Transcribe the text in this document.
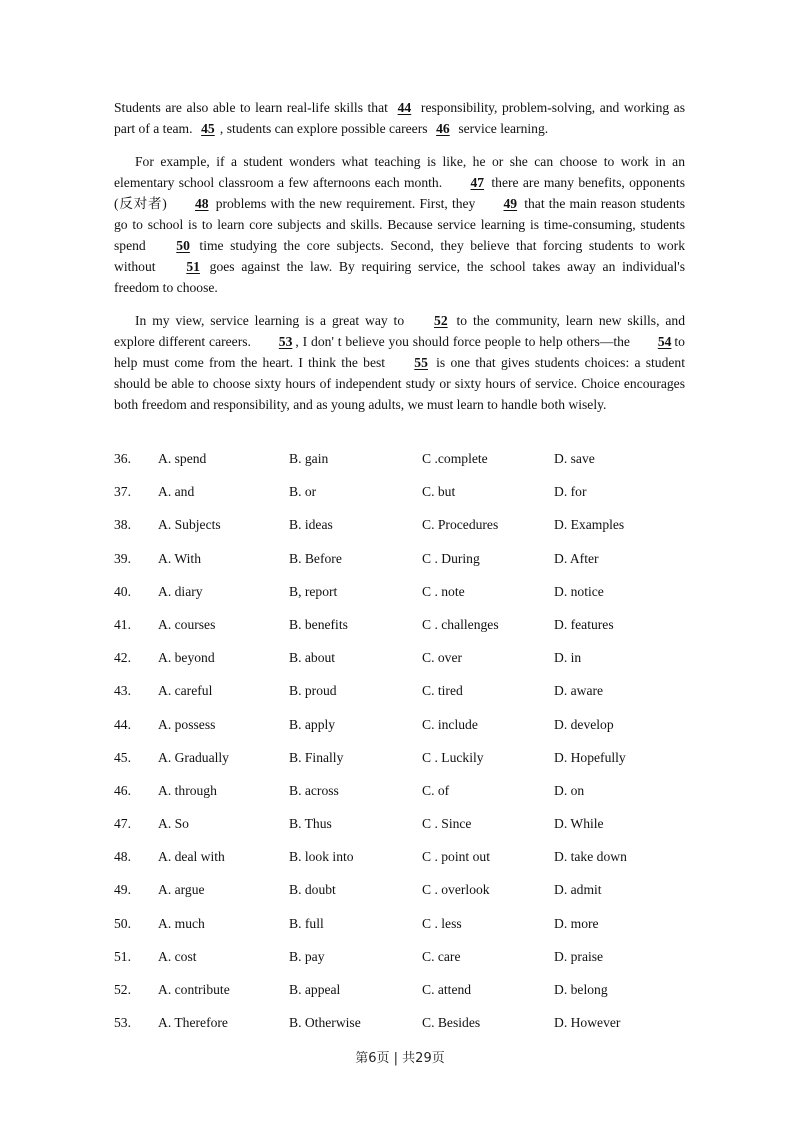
Students are also able to learn real-life skills that 44 responsibility, problem-solving, and working as part of a team. 45 , students can explore possible careers 46 service learning.

For example, if a student wonders what teaching is like, he or she can choose to work in an elementary school classroom a few afternoons each month. 47 there are many benefits, opponents (反对者) 48 problems with the new requirement. First, they 49 that the main reason students go to school is to learn core subjects and skills. Because service learning is time-consuming, students spend 50 time studying the core subjects. Second, they believe that forcing students to work without 51 goes against the law. By requiring service, the school takes away an individual's freedom to choose.

In my view, service learning is a great way to 52 to the community, learn new skills, and explore different careers. 53 , I don' t believe you should force people to help others—the 54 to help must come from the heart. I think the best 55 is one that gives students choices: a student should be able to choose sixty hours of independent study or sixty hours of service. Choice encourages both freedom and responsibility, and as young adults, we must learn to handle both wisely.

36. A. spend	B. gain	C .complete	D. save
37. A. and	B. or	C. but	D. for
38. A. Subjects	B. ideas	C. Procedures	D. Examples
39. A. With	B. Before	C . During	D. After
40. A. diary	B, report	C . note	D. notice
41. A. courses	B. benefits	C . challenges	D. features
42. A. beyond	B. about	C. over	D. in
43. A. careful	B. proud	C. tired	D. aware
44. A. possess	B. apply	C. include	D. develop
45. A. Gradually	B. Finally	C . Luckily	D. Hopefully
46. A. through	B. across	C. of	D. on
47. A. So	B. Thus	C . Since	D. While
48. A. deal with	B. look into	C . point out	D. take down
49. A. argue	B. doubt	C . overlook	D. admit
50. A. much	B. full	C . less	D. more
51. A. cost	B. pay	C. care	D. praise
52. A. contribute	B. appeal	C. attend	D. belong
53. A. Therefore	B. Otherwise	C. Besides	D. However
第6页 | 共29页
